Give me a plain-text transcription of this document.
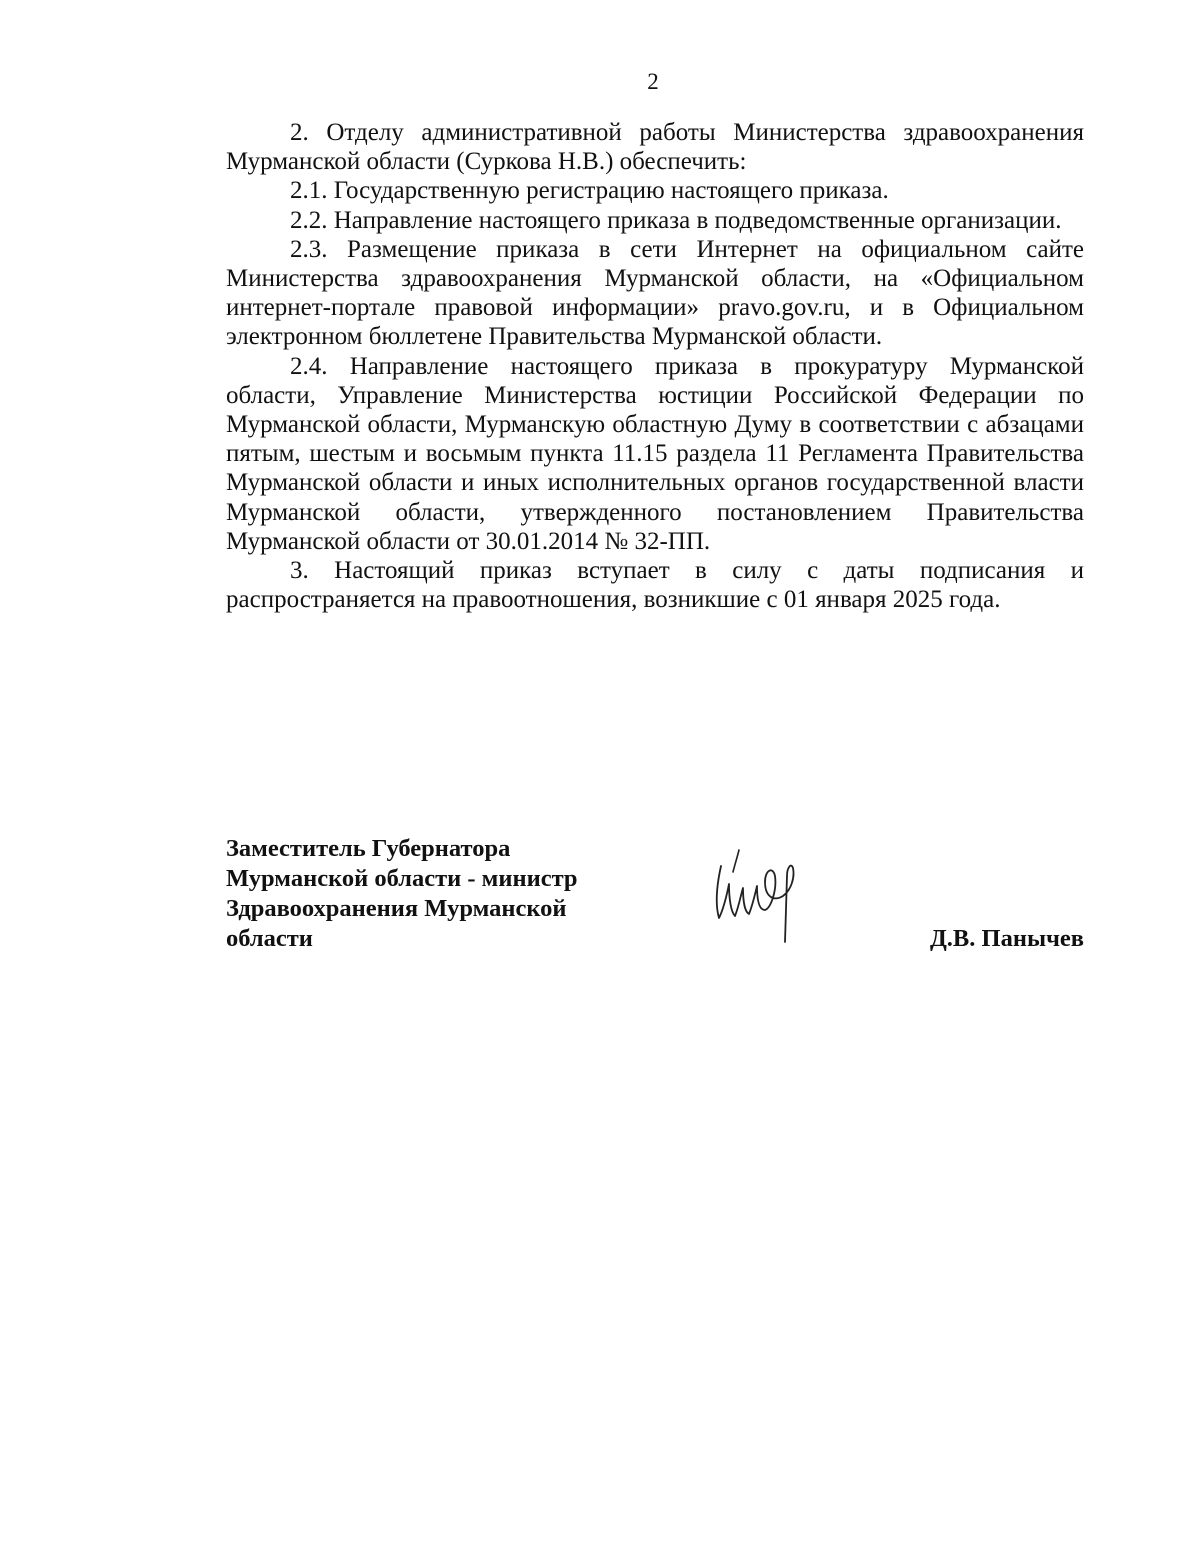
2

2. Отделу административной работы Министерства здравоохранения Мурманской области (Суркова Н.В.) обеспечить:

2.1. Государственную регистрацию настоящего приказа.

2.2. Направление настоящего приказа в подведомственные организации.

2.3. Размещение приказа в сети Интернет на официальном сайте Министерства здравоохранения Мурманской области, на «Официальном интернет-портале правовой информации» pravo.gov.ru, и в Официальном электронном бюллетене Правительства Мурманской области.

2.4. Направление настоящего приказа в прокуратуру Мурманской области, Управление Министерства юстиции Российской Федерации по Мурманской области, Мурманскую областную Думу в соответствии с абзацами пятым, шестым и восьмым пункта 11.15 раздела 11 Регламента Правительства Мурманской области и иных исполнительных органов государственной власти Мурманской области, утвержденного постановлением Правительства Мурманской области от 30.01.2014 № 32-ПП.

3. Настоящий приказ вступает в силу с даты подписания и распространяется на правоотношения, возникшие с 01 января 2025 года.

Заместитель Губернатора
Мурманской области - министр
Здравоохранения Мурманской
области	Д.В. Панычев
